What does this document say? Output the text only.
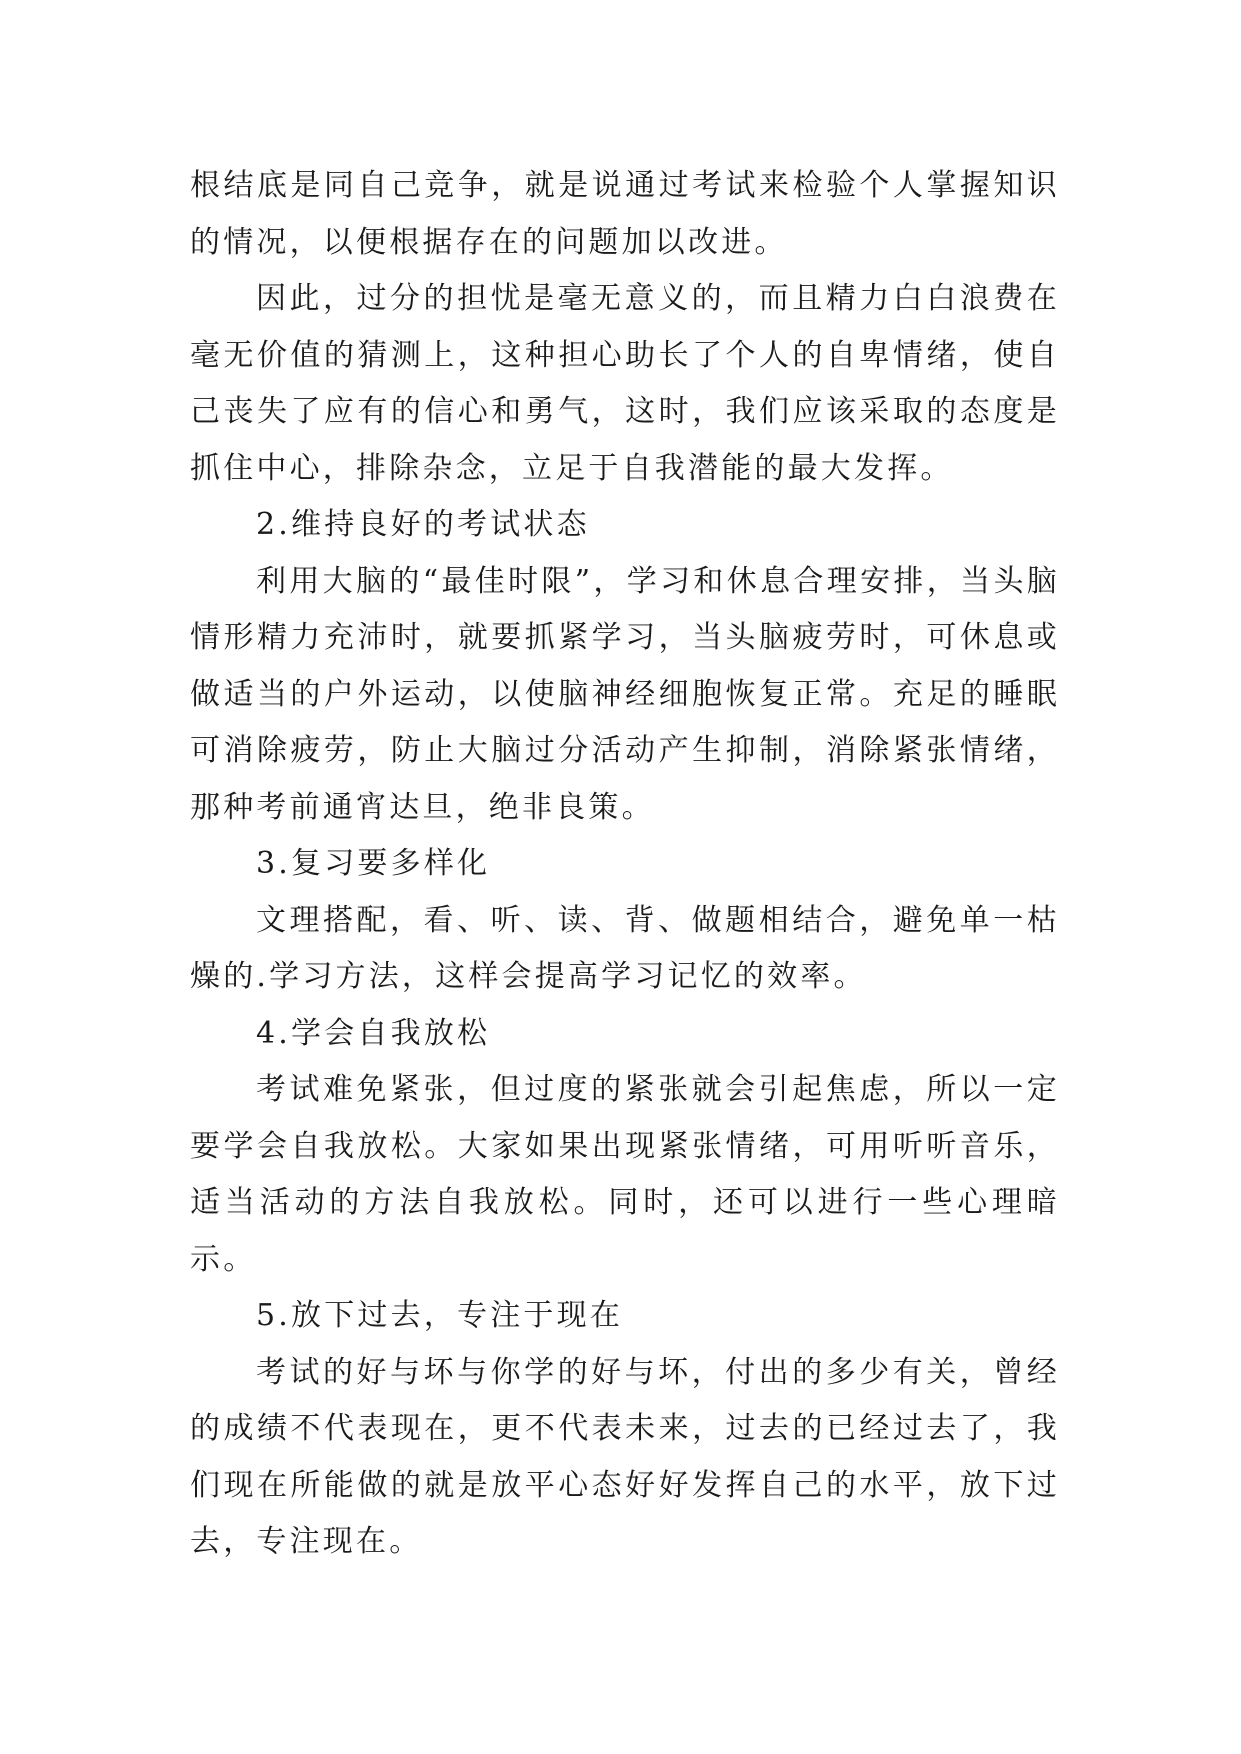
根结底是同自己竞争，就是说通过考试来检验个人掌握知识的情况，以便根据存在的问题加以改进。

因此，过分的担忧是毫无意义的，而且精力白白浪费在毫无价值的猜测上，这种担心助长了个人的自卑情绪，使自己丧失了应有的信心和勇气，这时，我们应该采取的态度是抓住中心，排除杂念，立足于自我潜能的最大发挥。

2.维持良好的考试状态

利用大脑的“最佳时限”，学习和休息合理安排，当头脑情形精力充沛时，就要抓紧学习，当头脑疲劳时，可休息或做适当的户外运动，以使脑神经细胞恢复正常。充足的睡眠可消除疲劳，防止大脑过分活动产生抑制，消除紧张情绪，那种考前通宵达旦，绝非良策。

3.复习要多样化

文理搭配，看、听、读、背、做题相结合，避免单一枯燥的.学习方法，这样会提高学习记忆的效率。

4.学会自我放松

考试难免紧张，但过度的紧张就会引起焦虑，所以一定要学会自我放松。大家如果出现紧张情绪，可用听听音乐，适当活动的方法自我放松。同时，还可以进行一些心理暗示。

5.放下过去，专注于现在

考试的好与坏与你学的好与坏，付出的多少有关，曾经的成绩不代表现在，更不代表未来，过去的已经过去了，我们现在所能做的就是放平心态好好发挥自己的水平，放下过去，专注现在。
